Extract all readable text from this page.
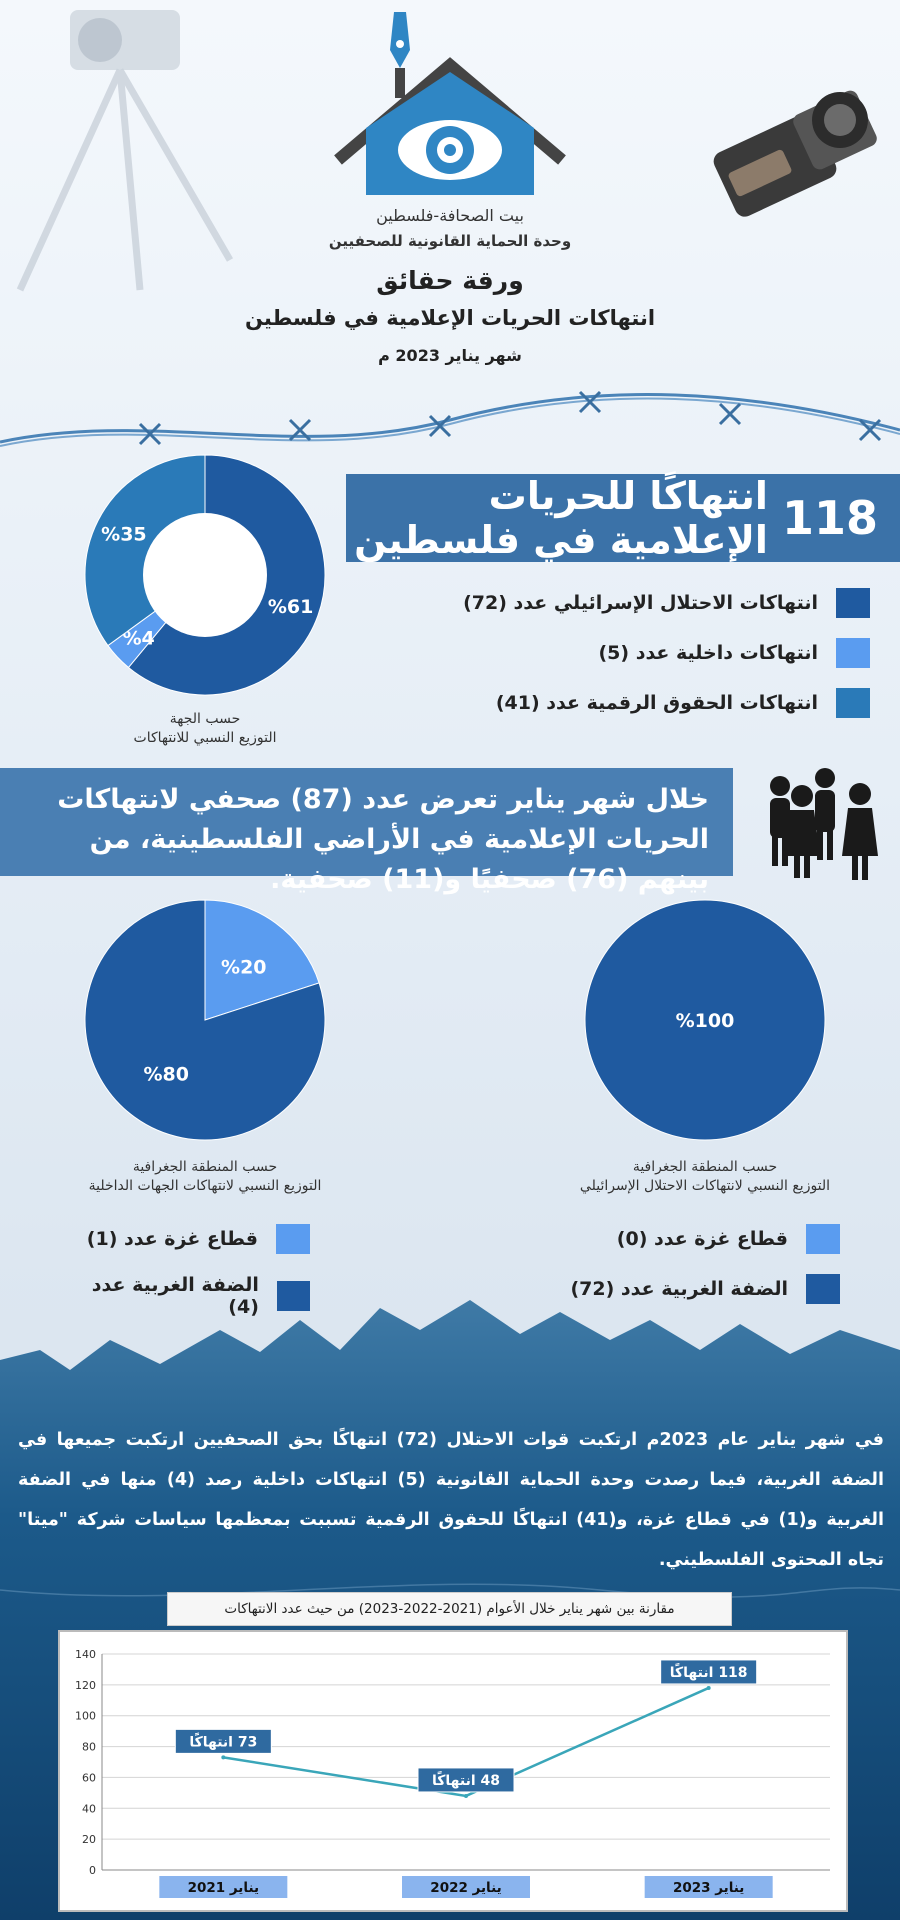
بيت الصحافة-فلسطين
وحدة الحماية القانونية للصحفيين
ورقة حقائق
انتهاكات الحريات الإعلامية في فلسطين
شهر يناير 2023 م
118
انتهاكًا للحريات الإعلامية في فلسطين
%61
%4
%35
حسب الجهة
التوزيع النسبي للانتهاكات
انتهاكات الاحتلال الإسرائيلي عدد (72)
انتهاكات داخلية عدد (5)
انتهاكات الحقوق الرقمية عدد (41)
خلال شهر يناير تعرض عدد (87) صحفي لانتهاكات الحريات الإعلامية في الأراضي الفلسطينية، من بينهم (76) صحفيًا و(11) صحفية.
%20
%80
%100
حسب المنطقة الجغرافية
التوزيع النسبي لانتهاكات الجهات الداخلية
حسب المنطقة الجغرافية
التوزيع النسبي لانتهاكات الاحتلال الإسرائيلي
قطاع غزة عدد (1)
الضفة الغربية عدد (4)
قطاع غزة عدد (0)
الضفة الغربية عدد (72)
في شهر يناير عام 2023م ارتكبت قوات الاحتلال (72) انتهاكًا بحق الصحفيين ارتكبت جميعها في الضفة الغربية، فيما رصدت وحدة الحماية القانونية (5) انتهاكات داخلية رصد (4) منها في الضفة الغربية و(1) في قطاع غزة، و(41) انتهاكًا للحقوق الرقمية تسببت بمعظمها سياسات شركة "ميتا" تجاه المحتوى الفلسطيني.
مقارنة بين شهر يناير خلال الأعوام (2021-2022-2023) من حيث عدد الانتهاكات
0
20
40
60
80
100
120
140
يناير 2021	يناير 2022	يناير 2023
73 انتهاكًا
48 انتهاكًا
118 انتهاكًا
